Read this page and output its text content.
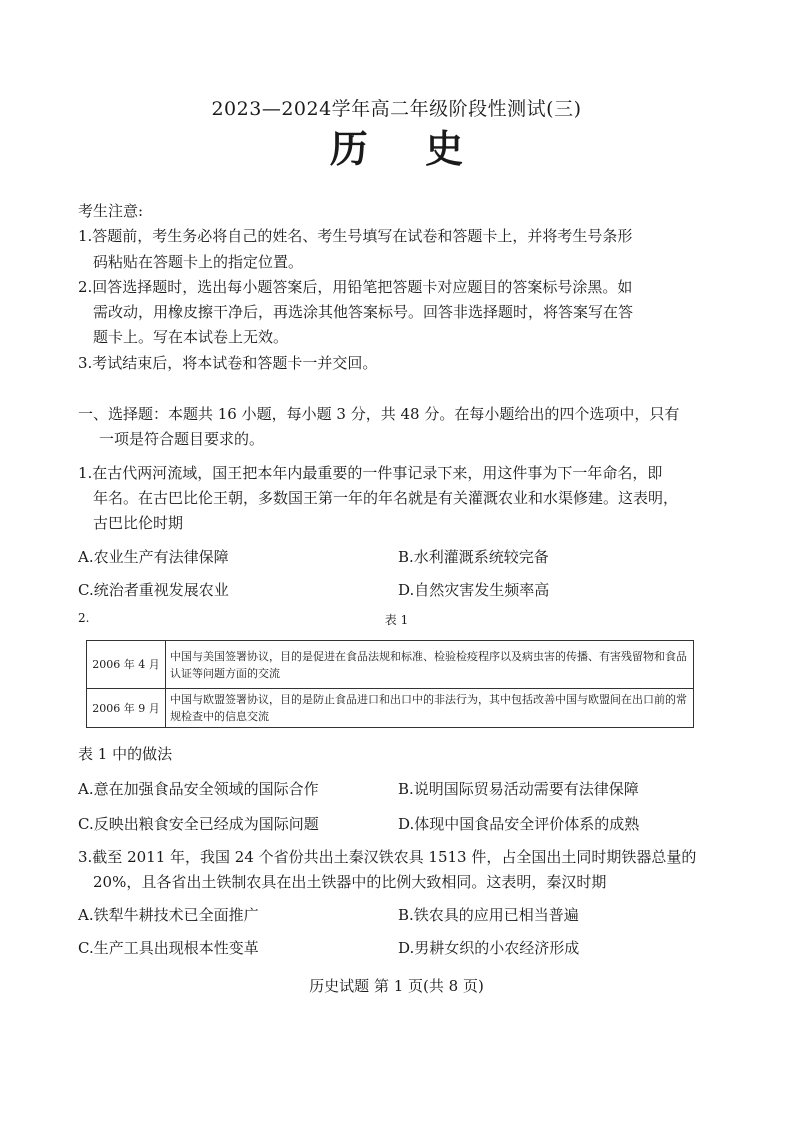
2023—2024学年高二年级阶段性测试(三)
历 史
考生注意:
1.答题前，考生务必将自己的姓名、考生号填写在试卷和答题卡上，并将考生号条形
码粘贴在答题卡上的指定位置。
2.回答选择题时，选出每小题答案后，用铅笔把答题卡对应题目的答案标号涂黑。如
需改动，用橡皮擦干净后，再选涂其他答案标号。回答非选择题时，将答案写在答
题卡上。写在本试卷上无效。
3.考试结束后，将本试卷和答题卡一并交回。
一、选择题：本题共 16 小题，每小题 3 分，共 48 分。在每小题给出的四个选项中，只有
一项是符合题目要求的。
1.在古代两河流域，国王把本年内最重要的一件事记录下来，用这件事为下一年命名，即
年名。在古巴比伦王朝，多数国王第一年的年名就是有关灌溉农业和水渠修建。这表明，
古巴比伦时期
A.农业生产有法律保障	B.水利灌溉系统较完备
C.统治者重视发展农业	D.自然灾害发生频率高
2.	表 1
2006 年 4 月	中国与美国签署协议，目的是促进在食品法规和标准、检验检疫程序以及病虫害的传播、有害残留物和食品认证等问题方面的交流
2006 年 9 月	中国与欧盟签署协议，目的是防止食品进口和出口中的非法行为，其中包括改善中国与欧盟间在出口前的常规检查中的信息交流
表 1 中的做法
A.意在加强食品安全领域的国际合作	B.说明国际贸易活动需要有法律保障
C.反映出粮食安全已经成为国际问题	D.体现中国食品安全评价体系的成熟
3.截至 2011 年，我国 24 个省份共出土秦汉铁农具 1513 件，占全国出土同时期铁器总量的
20%，且各省出土铁制农具在出土铁器中的比例大致相同。这表明，秦汉时期
A.铁犁牛耕技术已全面推广	B.铁农具的应用已相当普遍
C.生产工具出现根本性变革	D.男耕女织的小农经济形成
历史试题 第 1 页(共 8 页)
